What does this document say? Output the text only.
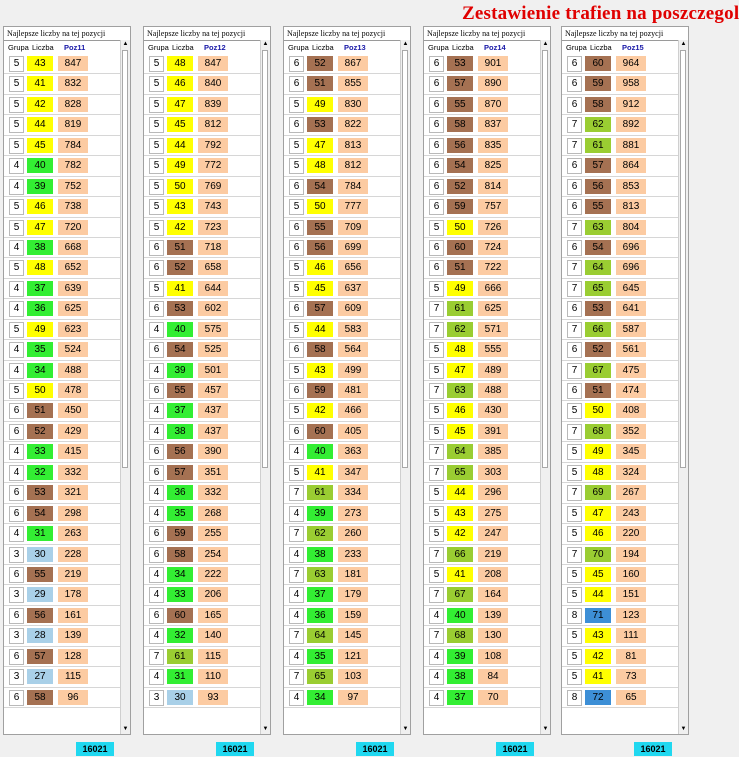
Zestawienie trafien na poszczegol
Najlepsze liczby na tej pozycji
Grupa Liczba Poz11
5	43	847
5	41	832
5	42	828
5	44	819
5	45	784
4	40	782
4	39	752
5	46	738
5	47	720
4	38	668
5	48	652
4	37	639
4	36	625
5	49	623
4	35	524
4	34	488
5	50	478
6	51	450
6	52	429
4	33	415
4	32	332
6	53	321
6	54	298
4	31	263
3	30	228
6	55	219
3	29	178
6	56	161
3	28	139
6	57	128
3	27	115
6	58	96
▲
16021
▼
Najlepsze liczby na tej pozycji
Grupa Liczba Poz12
5	48	847
5	46	840
5	47	839
5	45	812
5	44	792
5	49	772
5	50	769
5	43	743
5	42	723
6	51	718
6	52	658
5	41	644
6	53	602
4	40	575
6	54	525
4	39	501
6	55	457
4	37	437
4	38	437
6	56	390
6	57	351
4	36	332
4	35	268
6	59	255
6	58	254
4	34	222
4	33	206
6	60	165
4	32	140
7	61	115
4	31	110
3	30	93
▲
16021
▼
Najlepsze liczby na tej pozycji
Grupa Liczba Poz13
6	52	867
6	51	855
5	49	830
6	53	822
5	47	813
5	48	812
6	54	784
5	50	777
6	55	709
6	56	699
5	46	656
5	45	637
6	57	609
5	44	583
6	58	564
5	43	499
6	59	481
5	42	466
6	60	405
4	40	363
5	41	347
7	61	334
4	39	273
7	62	260
4	38	233
7	63	181
4	37	179
4	36	159
7	64	145
4	35	121
7	65	103
4	34	97
▲
16021
▼
Najlepsze liczby na tej pozycji
Grupa Liczba Poz14
6	53	901
6	57	890
6	55	870
6	58	837
6	56	835
6	54	825
6	52	814
6	59	757
5	50	726
6	60	724
6	51	722
5	49	666
7	61	625
7	62	571
5	48	555
5	47	489
7	63	488
5	46	430
5	45	391
7	64	385
7	65	303
5	44	296
5	43	275
5	42	247
7	66	219
5	41	208
7	67	164
4	40	139
7	68	130
4	39	108
4	38	84
4	37	70
▲
16021
▼
Najlepsze liczby na tej pozycji
Grupa Liczba Poz15
6	60	964
6	59	958
6	58	912
7	62	892
7	61	881
6	57	864
6	56	853
6	55	813
7	63	804
6	54	696
7	64	696
7	65	645
6	53	641
7	66	587
6	52	561
7	67	475
6	51	474
5	50	408
7	68	352
5	49	345
5	48	324
7	69	267
5	47	243
5	46	220
7	70	194
5	45	160
5	44	151
8	71	123
5	43	111
5	42	81
5	41	73
8	72	65
▲
16021
▼
